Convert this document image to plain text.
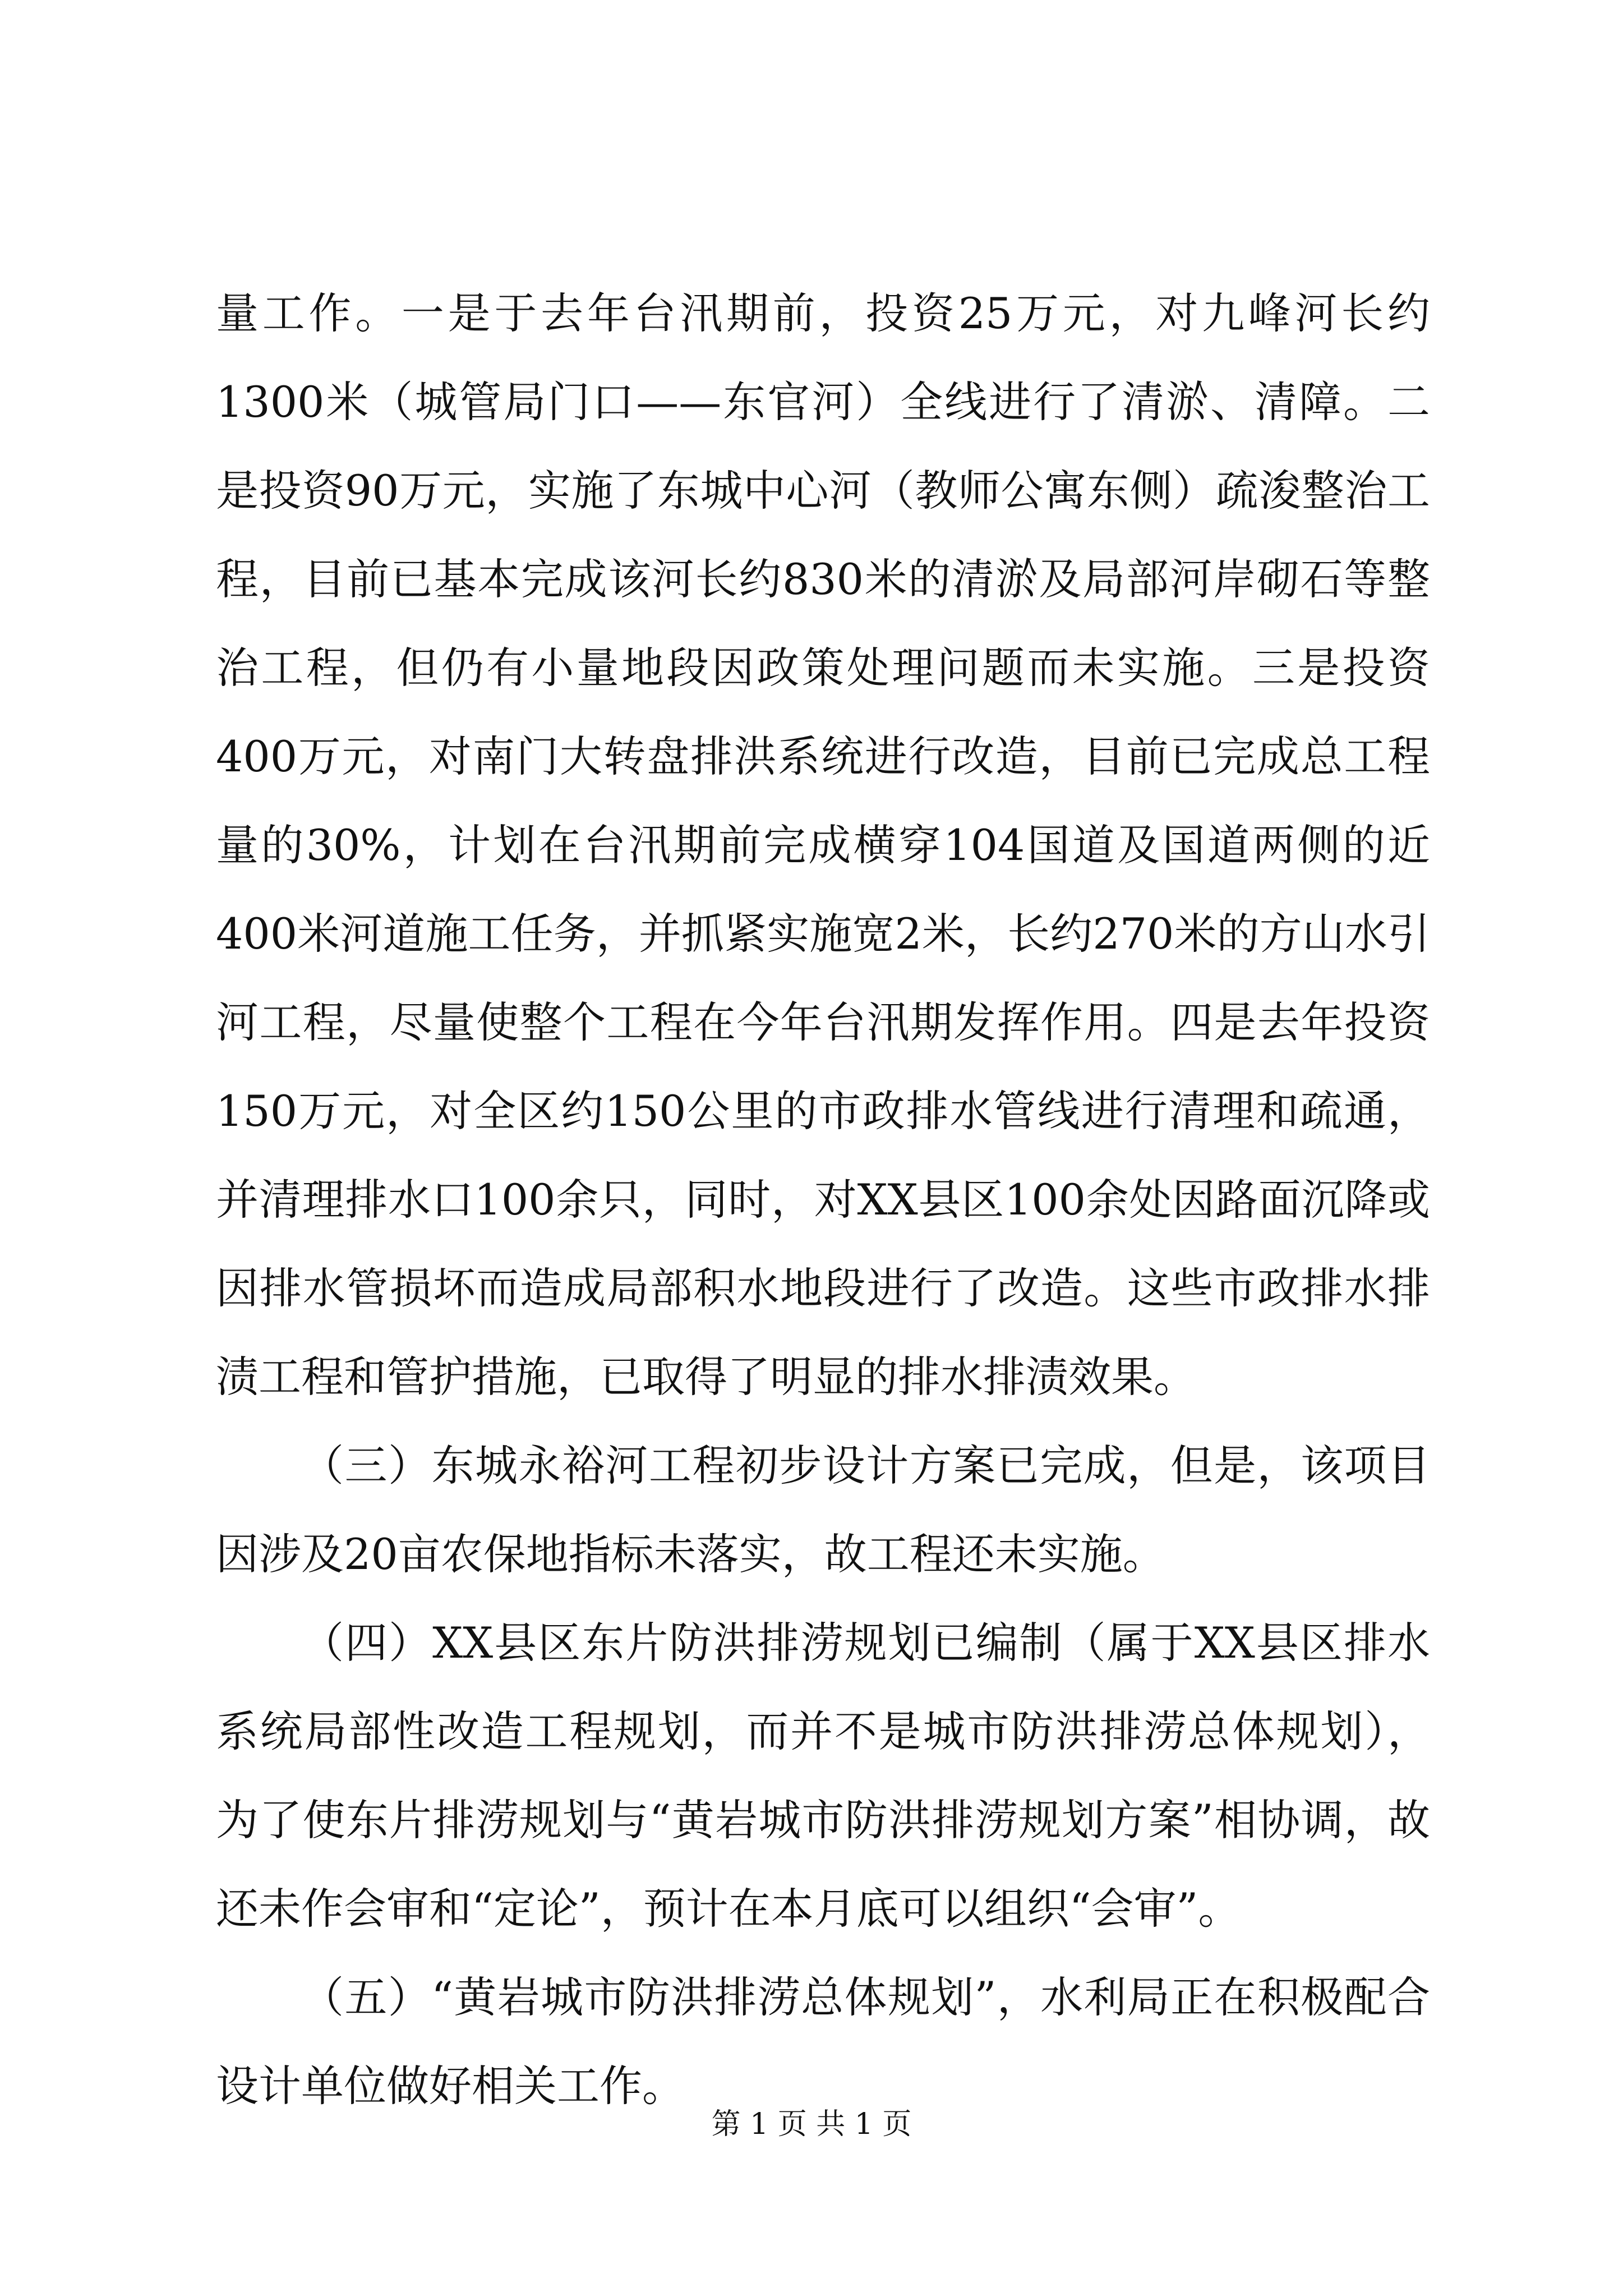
量工作。一是于去年台汛期前，投资25万元，对九峰河长约1300米（城管局门口——东官河）全线进行了清淤、清障。二是投资90万元，实施了东城中心河（教师公寓东侧）疏浚整治工程，目前已基本完成该河长约830米的清淤及局部河岸砌石等整治工程，但仍有小量地段因政策处理问题而未实施。三是投资400万元，对南门大转盘排洪系统进行改造，目前已完成总工程量的30%，计划在台汛期前完成横穿104国道及国道两侧的近400米河道施工任务，并抓紧实施宽2米，长约270米的方山水引河工程，尽量使整个工程在今年台汛期发挥作用。四是去年投资150万元，对全区约150公里的市政排水管线进行清理和疏通，并清理排水口100余只，同时，对XX县区100余处因路面沉降或因排水管损坏而造成局部积水地段进行了改造。这些市政排水排渍工程和管护措施，已取得了明显的排水排渍效果。

（三）东城永裕河工程初步设计方案已完成，但是，该项目因涉及20亩农保地指标未落实，故工程还未实施。

（四）XX县区东片防洪排涝规划已编制（属于XX县区排水系统局部性改造工程规划，而并不是城市防洪排涝总体规划），为了使东片排涝规划与“黄岩城市防洪排涝规划方案”相协调，故还未作会审和“定论”，预计在本月底可以组织“会审”。

（五）“黄岩城市防洪排涝总体规划”，水利局正在积极配合设计单位做好相关工作。

第 1 页 共 1 页
